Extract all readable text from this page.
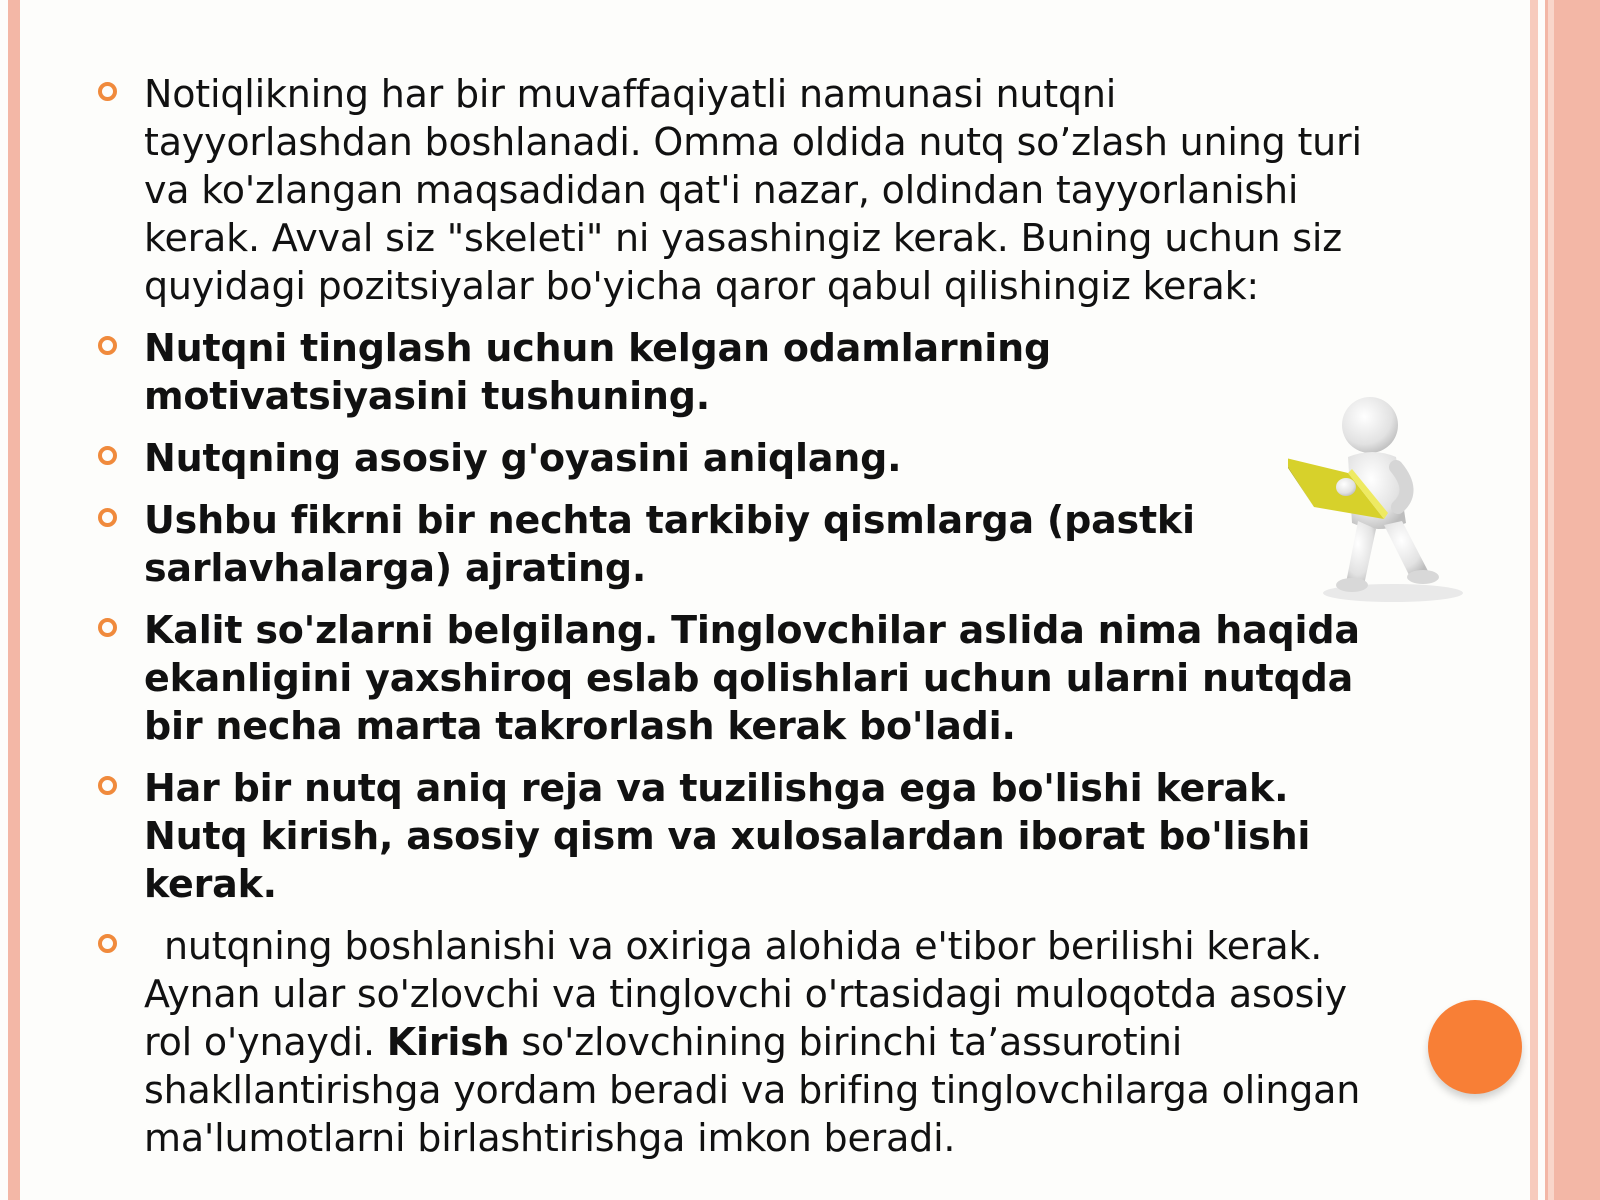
Notiqlikning har bir muvaffaqiyatli namunasi nutqni tayyorlashdan boshlanadi. Omma oldida nutq so’zlash uning turi va ko'zlangan maqsadidan qat'i nazar, oldindan tayyorlanishi kerak. Avval siz "skeleti" ni yasashingiz kerak. Buning uchun siz quyidagi pozitsiyalar bo'yicha qaror qabul qilishingiz kerak:
Nutqni tinglash uchun kelgan odamlarning motivatsiyasini tushuning.
Nutqning asosiy g'oyasini aniqlang.
Ushbu fikrni bir nechta tarkibiy qismlarga (pastki sarlavhalarga) ajrating.
Kalit so'zlarni belgilang. Tinglovchilar aslida nima haqida ekanligini yaxshiroq eslab qolishlari uchun ularni nutqda bir necha marta takrorlash kerak bo'ladi.
Har bir nutq aniq reja va tuzilishga ega bo'lishi kerak. Nutq kirish, asosiy qism va xulosalardan iborat bo'lishi kerak.
nutqning boshlanishi va oxiriga alohida e'tibor berilishi kerak. Aynan ular so'zlovchi va tinglovchi o'rtasidagi muloqotda asosiy rol o'ynaydi. Kirish so'zlovchining birinchi ta’assurotini shakllantirishga yordam beradi va brifing tinglovchilarga olingan ma'lumotlarni birlashtirishga imkon beradi.
